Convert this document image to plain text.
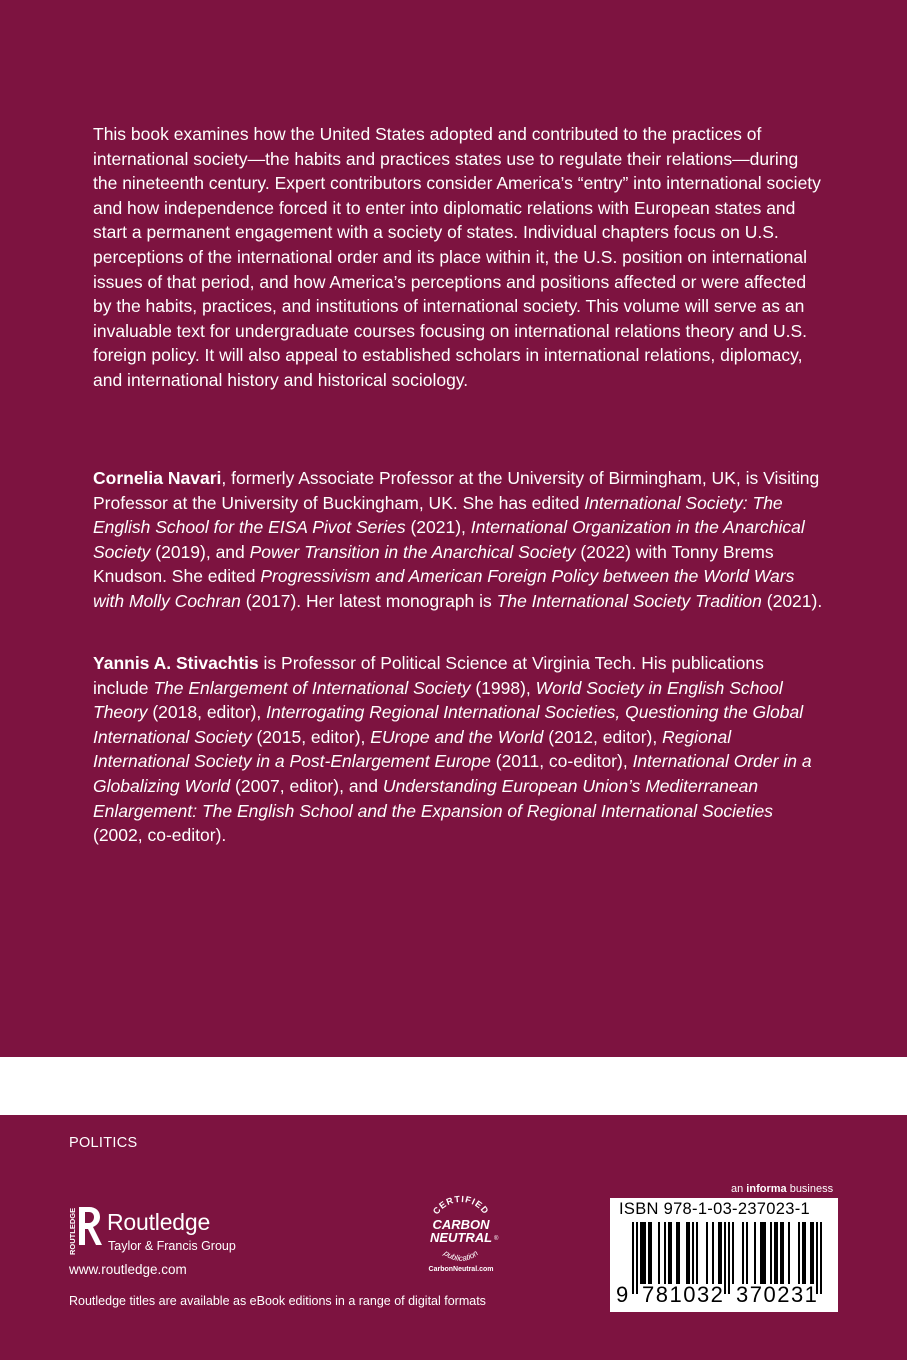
This book examines how the United States adopted and contributed to the practices of international society—the habits and practices states use to regulate their relations—during the nineteenth century. Expert contributors consider America’s “entry” into international society and how independence forced it to enter into diplomatic relations with European states and start a permanent engagement with a society of states. Individual chapters focus on U.S. perceptions of the international order and its place within it, the U.S. position on international issues of that period, and how America’s perceptions and positions affected or were affected by the habits, practices, and institutions of international society. This volume will serve as an invaluable text for undergraduate courses focusing on international relations theory and U.S. foreign policy. It will also appeal to established scholars in international relations, diplomacy, and international history and historical sociology.

Cornelia Navari, formerly Associate Professor at the University of Birmingham, UK, is Visiting Professor at the University of Buckingham, UK. She has edited International Society: The English School for the EISA Pivot Series (2021), International Organization in the Anarchical Society (2019), and Power Transition in the Anarchical Society (2022) with Tonny Brems Knudson. She edited Progressivism and American Foreign Policy between the World Wars with Molly Cochran (2017). Her latest monograph is The International Society Tradition (2021).

Yannis A. Stivachtis is Professor of Political Science at Virginia Tech. His publications include The Enlargement of International Society (1998), World Society in English School Theory (2018, editor), Interrogating Regional International Societies, Questioning the Global International Society (2015, editor), EUrope and the World (2012, editor), Regional International Society in a Post-Enlargement Europe (2011, co-editor), International Order in a Globalizing World (2007, editor), and Understanding European Union’s Mediterranean Enlargement: The English School and the Expansion of Regional International Societies (2002, co-editor).

POLITICS
ROUTLEDGE Routledge
Taylor & Francis Group
www.routledge.com
Routledge titles are available as eBook editions in a range of digital formats
CERTIFIED
CARBON
NEUTRAL ®
publication
CarbonNeutral.com
an informa business
ISBN 978-1-03-237023-1
9 781032 370231
